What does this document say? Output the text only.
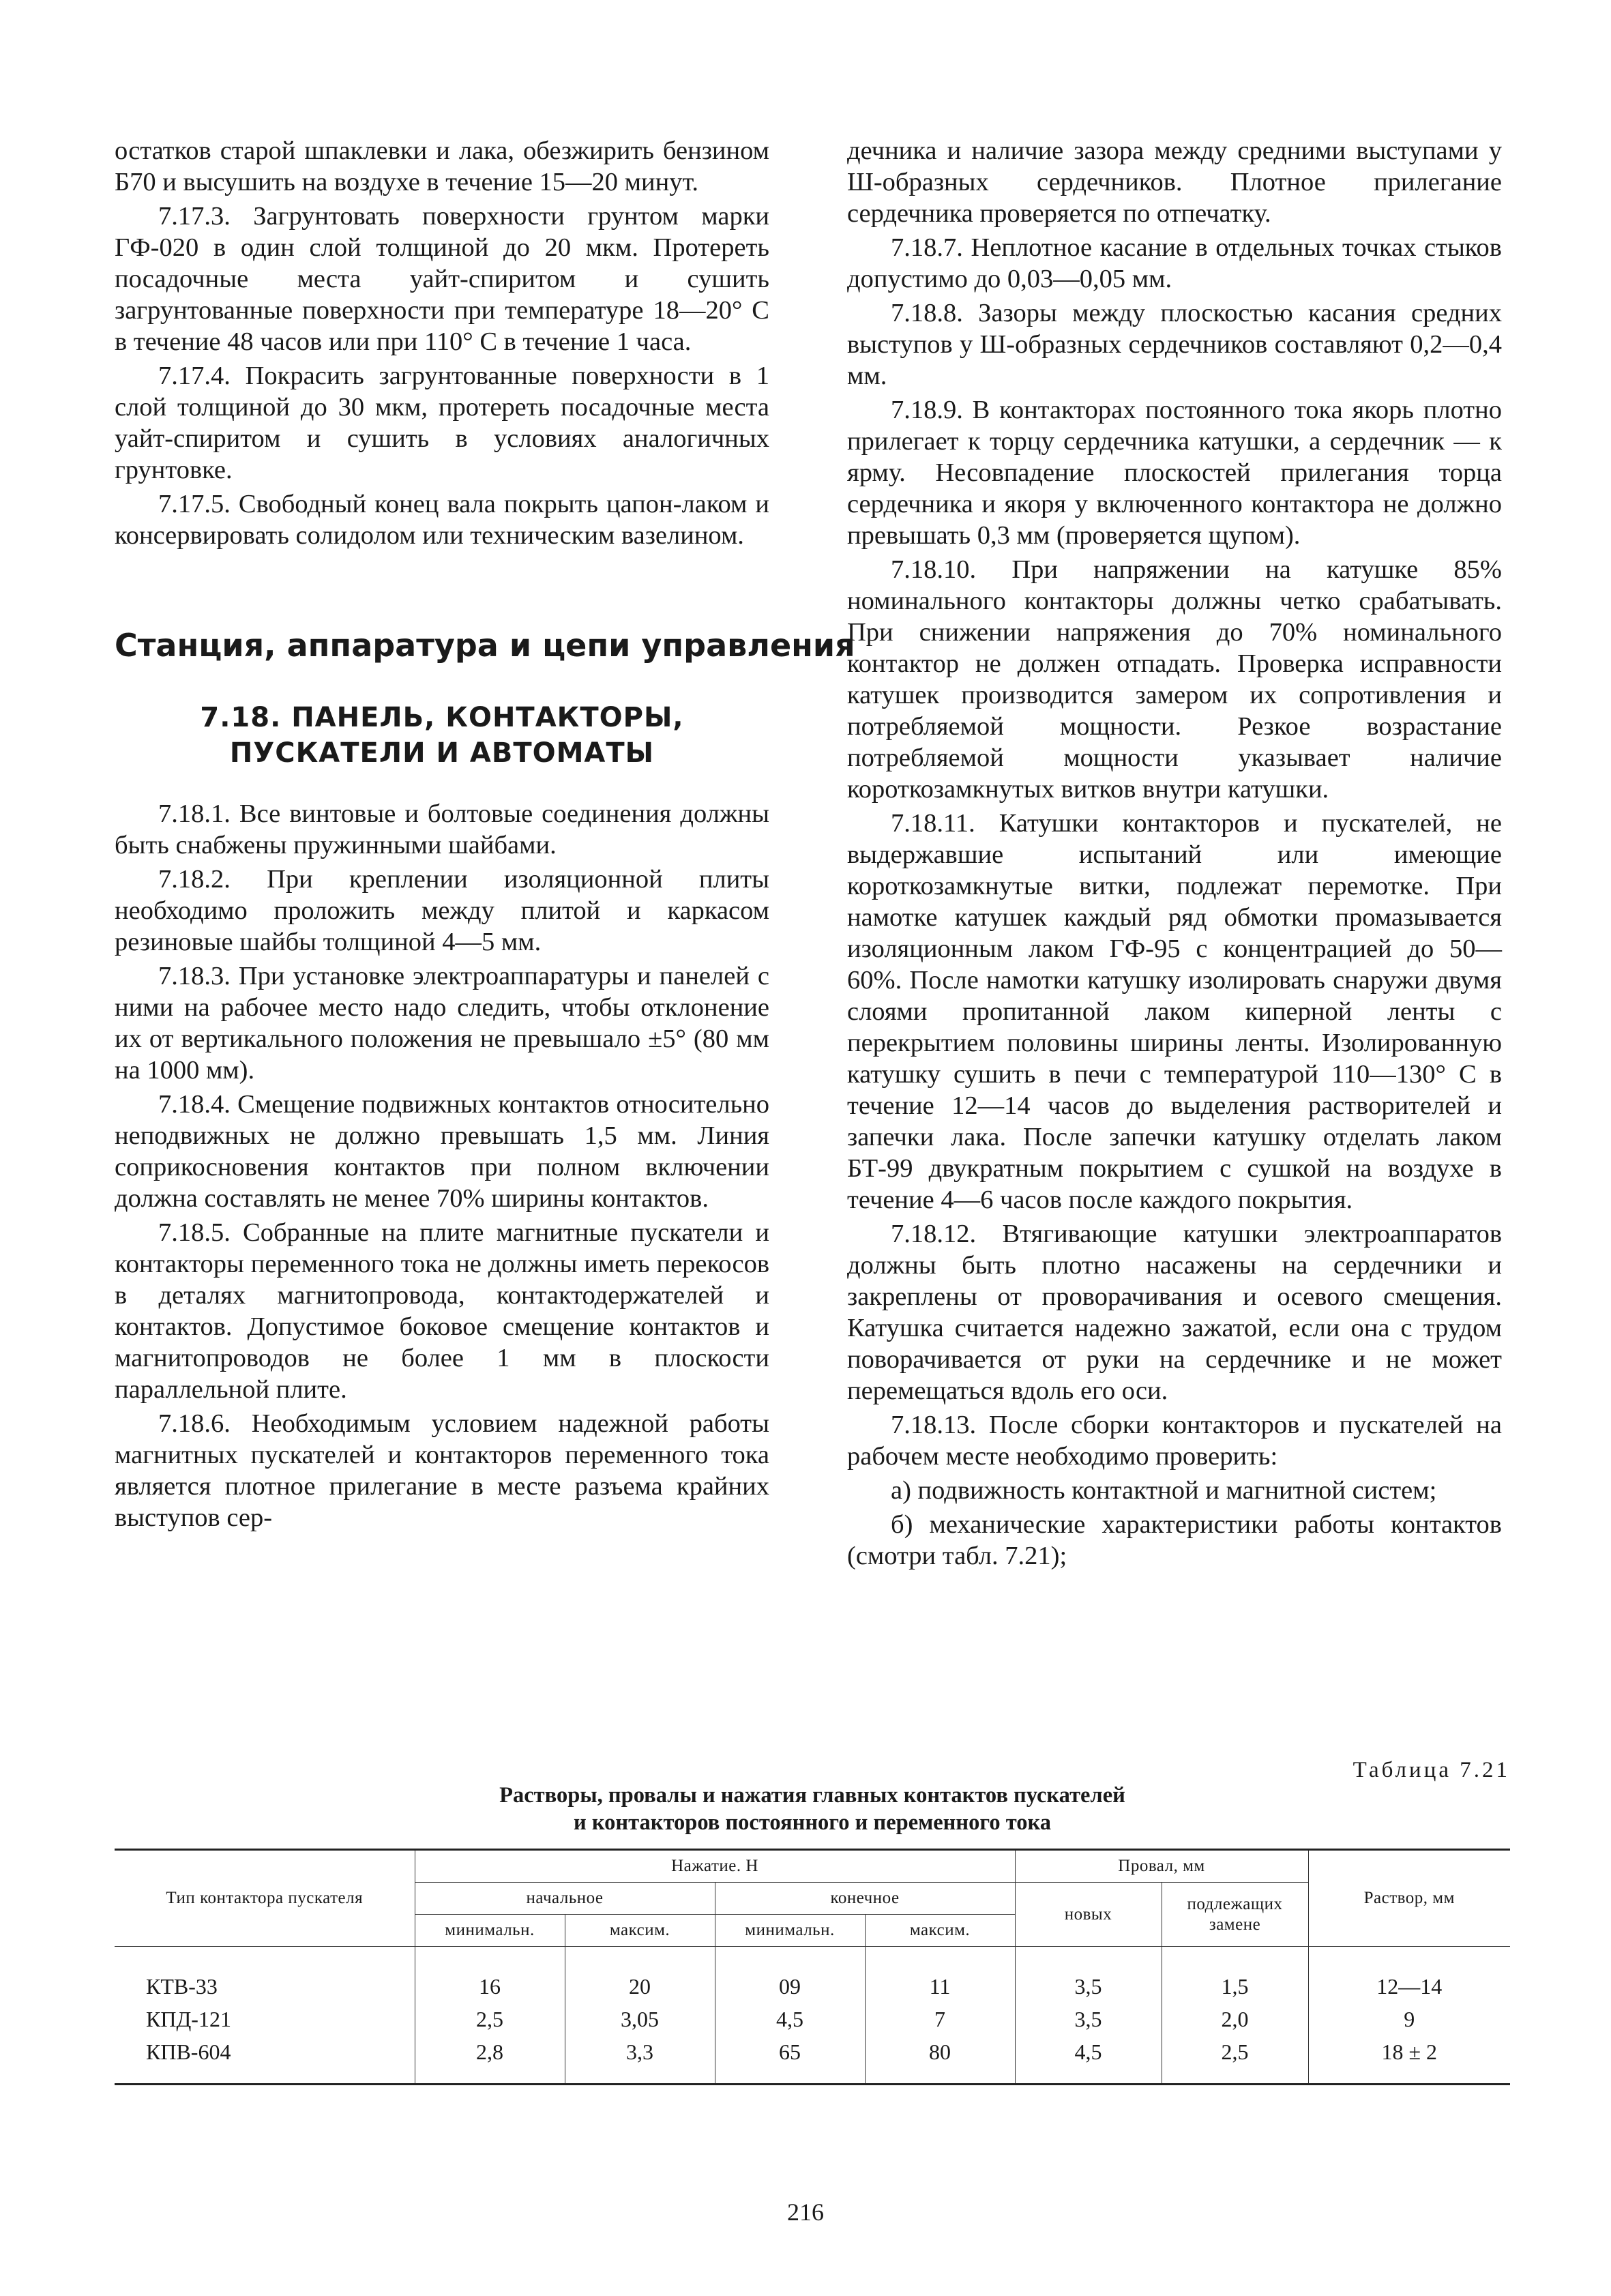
остатков старой шпаклевки и лака, обезжирить бензином Б70 и высушить на воздухе в течение 15—20 минут.

7.17.3. Загрунтовать поверхности грунтом марки ГФ-020 в один слой толщиной до 20 мкм. Протереть посадочные места уайт-спиритом и сушить загрунтованные поверхности при температуре 18—20° С в течение 48 часов или при 110° С в течение 1 часа.

7.17.4. Покрасить загрунтованные поверхности в 1 слой толщиной до 30 мкм, протереть посадочные места уайт-спиритом и сушить в условиях аналогичных грунтовке.

7.17.5. Свободный конец вала покрыть цапон-лаком и консервировать солидолом или техническим вазелином.

Станция, аппаратура и цепи управления
7.18. ПАНЕЛЬ, КОНТАКТОРЫ,
ПУСКАТЕЛИ И АВТОМАТЫ

7.18.1. Все винтовые и болтовые соединения должны быть снабжены пружинными шайбами.

7.18.2. При креплении изоляционной плиты необходимо проложить между плитой и каркасом резиновые шайбы толщиной 4—5 мм.

7.18.3. При установке электроаппаратуры и панелей с ними на рабочее место надо следить, чтобы отклонение их от вертикального положения не превышало ±5° (80 мм на 1000 мм).

7.18.4. Смещение подвижных контактов относительно неподвижных не должно превышать 1,5 мм. Линия соприкосновения контактов при полном включении должна составлять не менее 70% ширины контактов.

7.18.5. Собранные на плите магнитные пускатели и контакторы переменного тока не должны иметь перекосов в деталях магнитопровода, контактодержателей и контактов. Допустимое боковое смещение контактов и магнитопроводов не более 1 мм в плоскости параллельной плите.

7.18.6. Необходимым условием надежной работы магнитных пускателей и контакторов переменного тока является плотное прилегание в месте разъема крайних выступов сер-

дечника и наличие зазора между средними выступами у Ш-образных сердечников. Плотное прилегание сердечника проверяется по отпечатку.

7.18.7. Неплотное касание в отдельных точках стыков допустимо до 0,03—0,05 мм.

7.18.8. Зазоры между плоскостью касания средних выступов у Ш-образных сердечников составляют 0,2—0,4 мм.

7.18.9. В контакторах постоянного тока якорь плотно прилегает к торцу сердечника катушки, а сердечник — к ярму. Несовпадение плоскостей прилегания торца сердечника и якоря у включенного контактора не должно превышать 0,3 мм (проверяется щупом).

7.18.10. При напряжении на катушке 85% номинального контакторы должны четко срабатывать. При снижении напряжения до 70% номинального контактор не должен отпадать. Проверка исправности катушек производится замером их сопротивления и потребляемой мощности. Резкое возрастание потребляемой мощности указывает наличие короткозамкнутых витков внутри катушки.

7.18.11. Катушки контакторов и пускателей, не выдержавшие испытаний или имеющие короткозамкнутые витки, подлежат перемотке. При намотке катушек каждый ряд обмотки промазывается изоляционным лаком ГФ-95 с концентрацией до 50—60%. После намотки катушку изолировать снаружи двумя слоями пропитанной лаком киперной ленты с перекрытием половины ширины ленты. Изолированную катушку сушить в печи с температурой 110—130° С в течение 12—14 часов до выделения растворителей и запечки лака. После запечки катушку отделать лаком БТ-99 двукратным покрытием с сушкой на воздухе в течение 4—6 часов после каждого покрытия.

7.18.12. Втягивающие катушки электроаппаратов должны быть плотно насажены на сердечники и закреплены от проворачивания и осевого смещения. Катушка считается надежно зажатой, если она с трудом поворачивается от руки на сердечнике и не может перемещаться вдоль его оси.

7.18.13. После сборки контакторов и пускателей на рабочем месте необходимо проверить:

а) подвижность контактной и магнитной систем;

б) механические характеристики работы контактов (смотри табл. 7.21);

Таблица 7.21
Растворы, провалы и нажатия главных контактов пускателей
и контакторов постоянного и переменного тока
Тип контактора пускателя	Нажатие. Н				Провал, мм		Раствор, мм
	начальное		конечное		новых	подлежащих замене	
	минимальн.	максим.	минимальн.	максим.			

КТВ-33	16	20	09	11	3,5	1,5	12—14
КПД-121	2,5	3,05	4,5	7	3,5	2,0	9
КПВ-604	2,8	3,3	65	80	4,5	2,5	18 ± 2
216
